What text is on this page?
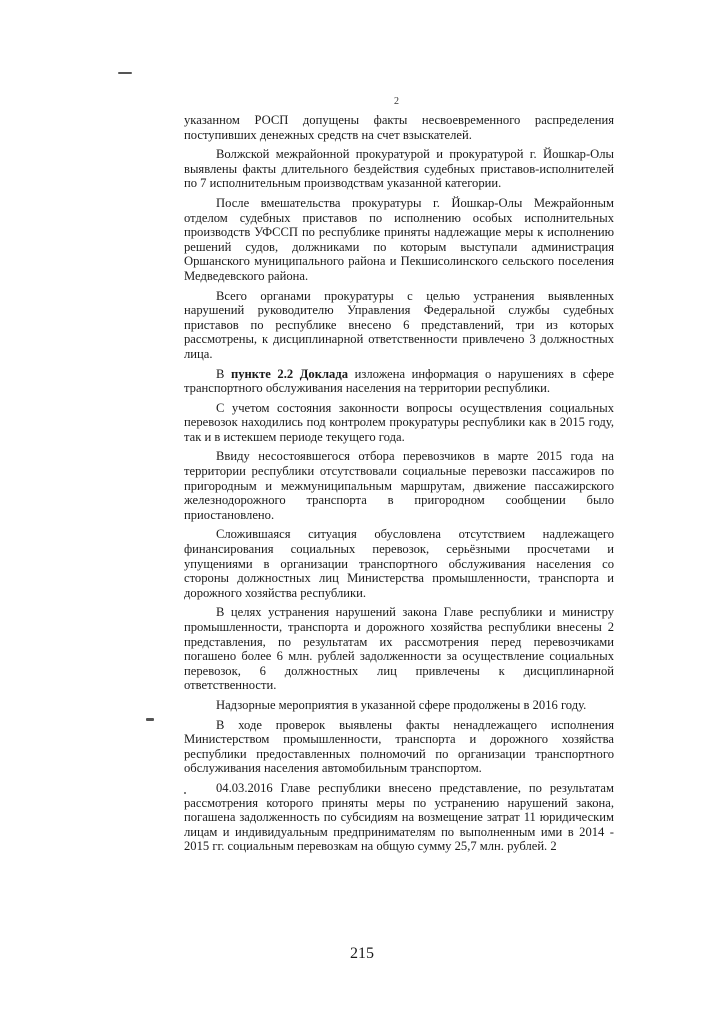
2

указанном РОСП допущены факты несвоевременного распределения поступивших денежных средств на счет взыскателей.

Волжской межрайонной прокуратурой и прокуратурой г. Йошкар-Олы выявлены факты длительного бездействия судебных приставов-исполнителей по 7 исполнительным производствам указанной категории.

После вмешательства прокуратуры г. Йошкар-Олы Межрайонным отделом судебных приставов по исполнению особых исполнительных производств УФССП по республике приняты надлежащие меры к исполнению решений судов, должниками по которым выступали администрация Оршанского муниципального района и Пекшисолинского сельского поселения Медведевского района.

Всего органами прокуратуры с целью устранения выявленных нарушений руководителю Управления Федеральной службы судебных приставов по республике внесено 6 представлений, три из которых рассмотрены, к дисциплинарной ответственности привлечено 3 должностных лица.

В пункте 2.2 Доклада изложена информация о нарушениях в сфере транспортного обслуживания населения на территории республики.

С учетом состояния законности вопросы осуществления социальных перевозок находились под контролем прокуратуры республики как в 2015 году, так и в истекшем периоде текущего года.

Ввиду несостоявшегося отбора перевозчиков в марте 2015 года на территории республики отсутствовали социальные перевозки пассажиров по пригородным и межмуниципальным маршрутам, движение пассажирского железнодорожного транспорта в пригородном сообщении было приостановлено.

Сложившаяся ситуация обусловлена отсутствием надлежащего финансирования социальных перевозок, серьёзными просчетами и упущениями в организации транспортного обслуживания населения со стороны должностных лиц Министерства промышленности, транспорта и дорожного хозяйства республики.

В целях устранения нарушений закона Главе республики и министру промышленности, транспорта и дорожного хозяйства республики внесены 2 представления, по результатам их рассмотрения перед перевозчиками погашено более 6 млн. рублей задолженности за осуществление социальных перевозок, 6 должностных лиц привлечены к дисциплинарной ответственности.

Надзорные мероприятия в указанной сфере продолжены в 2016 году.

В ходе проверок выявлены факты ненадлежащего исполнения Министерством промышленности, транспорта и дорожного хозяйства республики предоставленных полномочий по организации транспортного обслуживания населения автомобильным транспортом.

04.03.2016 Главе республики внесено представление, по результатам рассмотрения которого приняты меры по устранению нарушений закона, погашена задолженность по субсидиям на возмещение затрат 11 юридическим лицам и индивидуальным предпринимателям по выполненным ими в 2014 - 2015 гг. социальным перевозкам на общую сумму 25,7 млн. рублей. 2

215
